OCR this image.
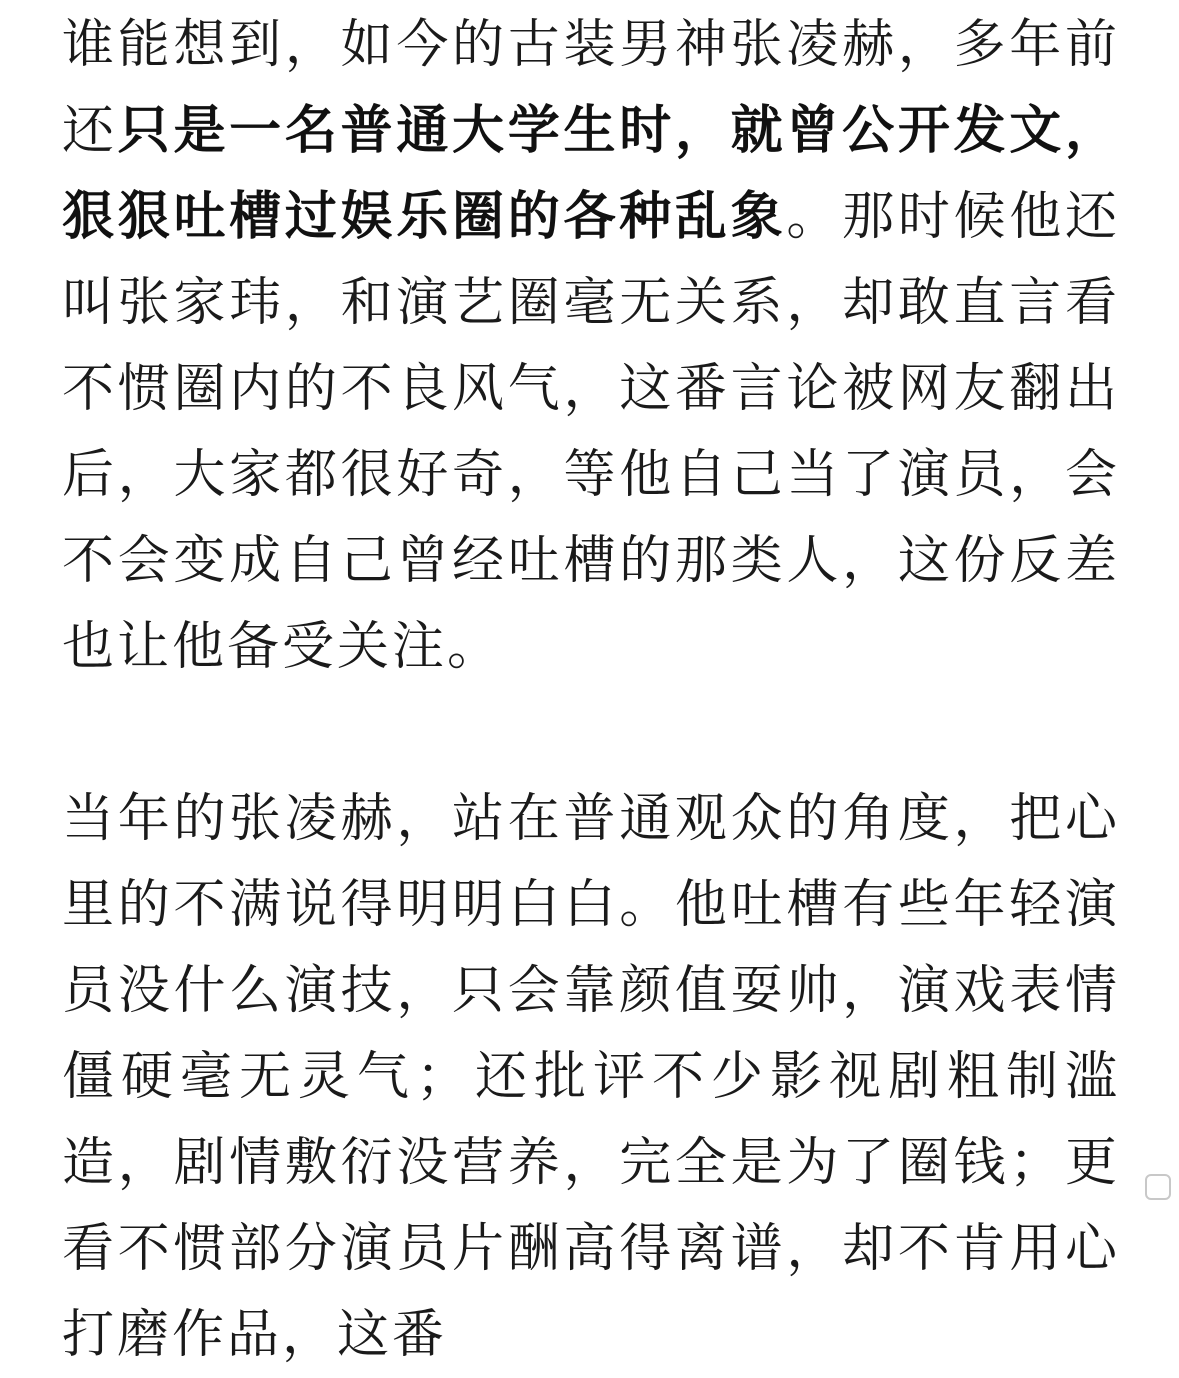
谁能想到，如今的古装男神张凌赫，多年前还只是一名普通大学生时，就曾公开发文，狠狠吐槽过娱乐圈的各种乱象。那时候他还叫张家玮，和演艺圈毫无关系，却敢直言看不惯圈内的不良风气，这番言论被网友翻出后，大家都很好奇，等他自己当了演员，会不会变成自己曾经吐槽的那类人，这份反差也让他备受关注。

当年的张凌赫，站在普通观众的角度，把心里的不满说得明明白白。他吐槽有些年轻演员没什么演技，只会靠颜值耍帅，演戏表情僵硬毫无灵气；还批评不少影视剧粗制滥造，剧情敷衍没营养，完全是为了圈钱；更看不惯部分演员片酬高得离谱，却不肯用心打磨作品，这番
